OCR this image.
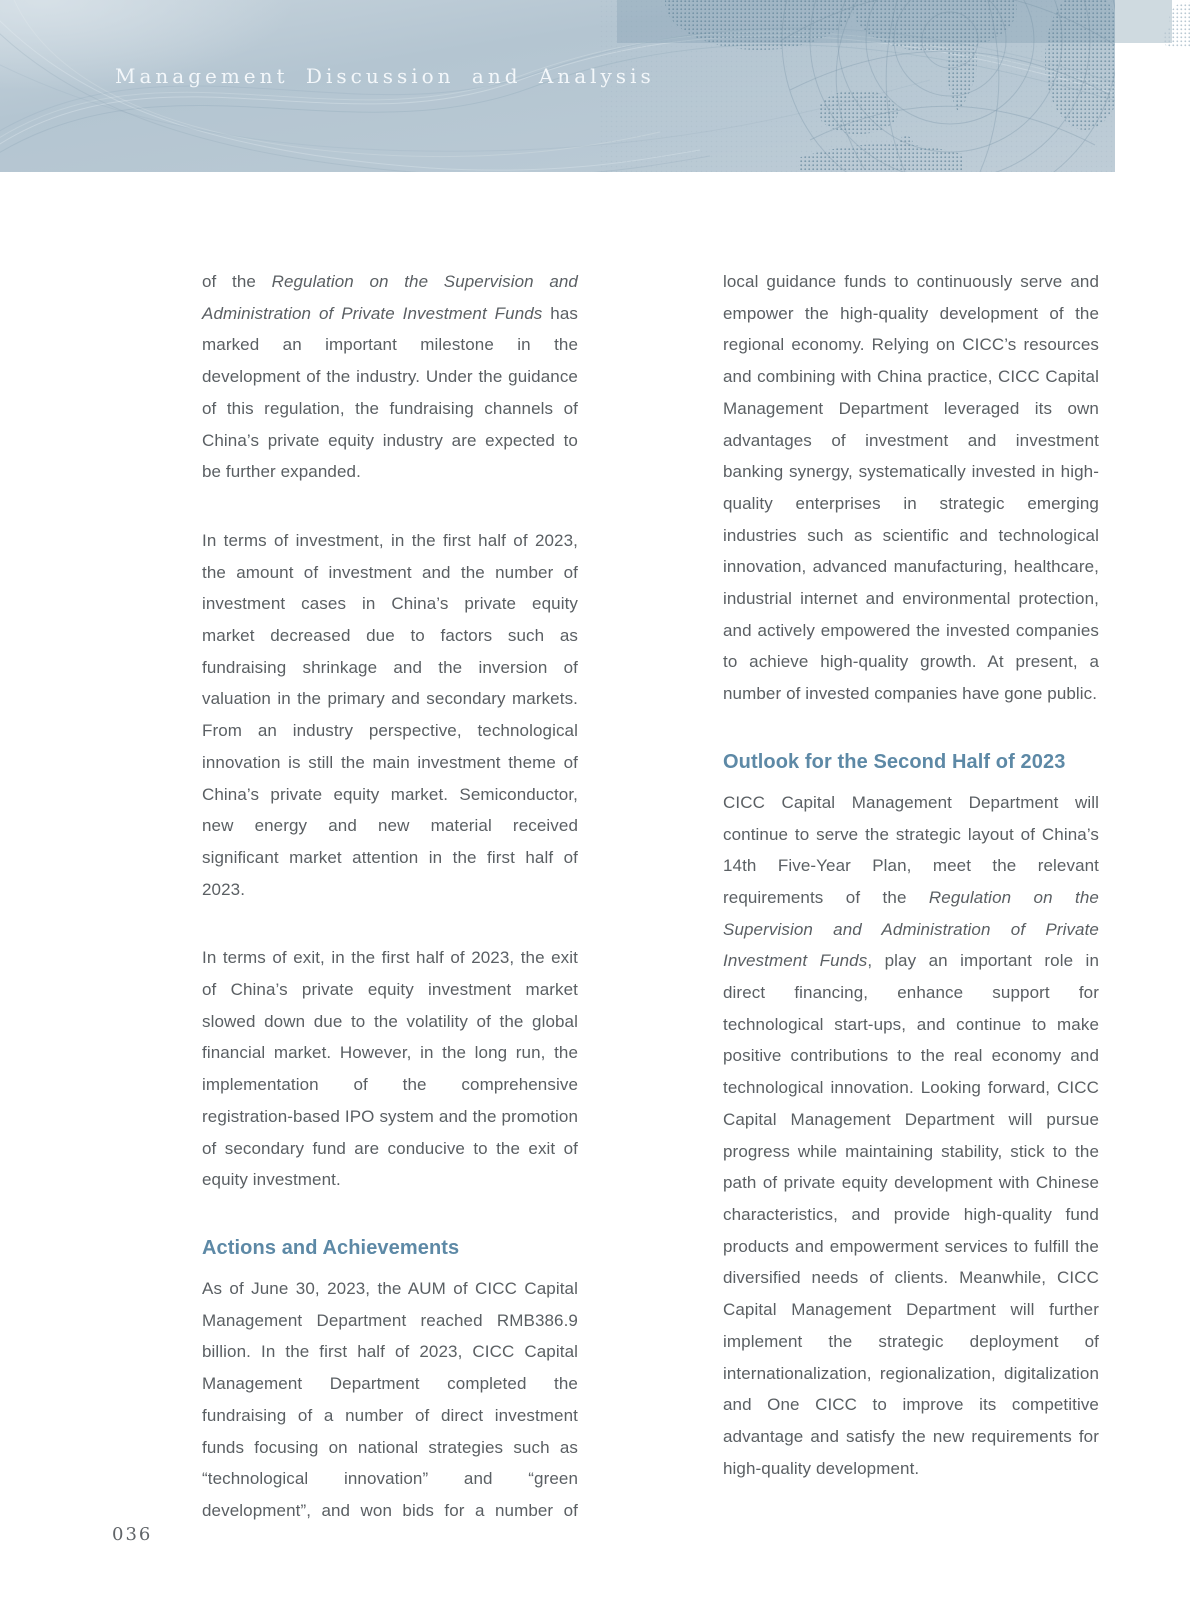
Management Discussion and Analysis

of the Regulation on the Supervision and Administration of Private Investment Funds has marked an important milestone in the development of the industry. Under the guidance of this regulation, the fundraising channels of China’s private equity industry are expected to be further expanded.

In terms of investment, in the first half of 2023, the amount of investment and the number of investment cases in China’s private equity market decreased due to factors such as fundraising shrinkage and the inversion of valuation in the primary and secondary markets. From an industry perspective, technological innovation is still the main investment theme of China’s private equity market. Semiconductor, new energy and new material received significant market attention in the first half of 2023.

In terms of exit, in the first half of 2023, the exit of China’s private equity investment market slowed down due to the volatility of the global financial market. However, in the long run, the implementation of the comprehensive registration-based IPO system and the promotion of secondary fund are conducive to the exit of equity investment.

Actions and Achievements

As of June 30, 2023, the AUM of CICC Capital Management Department reached RMB386.9 billion. In the first half of 2023, CICC Capital Management Department completed the fundraising of a number of direct investment funds focusing on national strategies such as “technological innovation” and “green development”, and won bids for a number of

local guidance funds to continuously serve and empower the high-quality development of the regional economy. Relying on CICC’s resources and combining with China practice, CICC Capital Management Department leveraged its own advantages of investment and investment banking synergy, systematically invested in high-quality enterprises in strategic emerging industries such as scientific and technological innovation, advanced manufacturing, healthcare, industrial internet and environmental protection, and actively empowered the invested companies to achieve high-quality growth. At present, a number of invested companies have gone public.

Outlook for the Second Half of 2023

CICC Capital Management Department will continue to serve the strategic layout of China’s 14th Five-Year Plan, meet the relevant requirements of the Regulation on the Supervision and Administration of Private Investment Funds, play an important role in direct financing, enhance support for technological start-ups, and continue to make positive contributions to the real economy and technological innovation. Looking forward, CICC Capital Management Department will pursue progress while maintaining stability, stick to the path of private equity development with Chinese characteristics, and provide high-quality fund products and empowerment services to fulfill the diversified needs of clients. Meanwhile, CICC Capital Management Department will further implement the strategic deployment of internationalization, regionalization, digitalization and One CICC to improve its competitive advantage and satisfy the new requirements for high-quality development.

036
